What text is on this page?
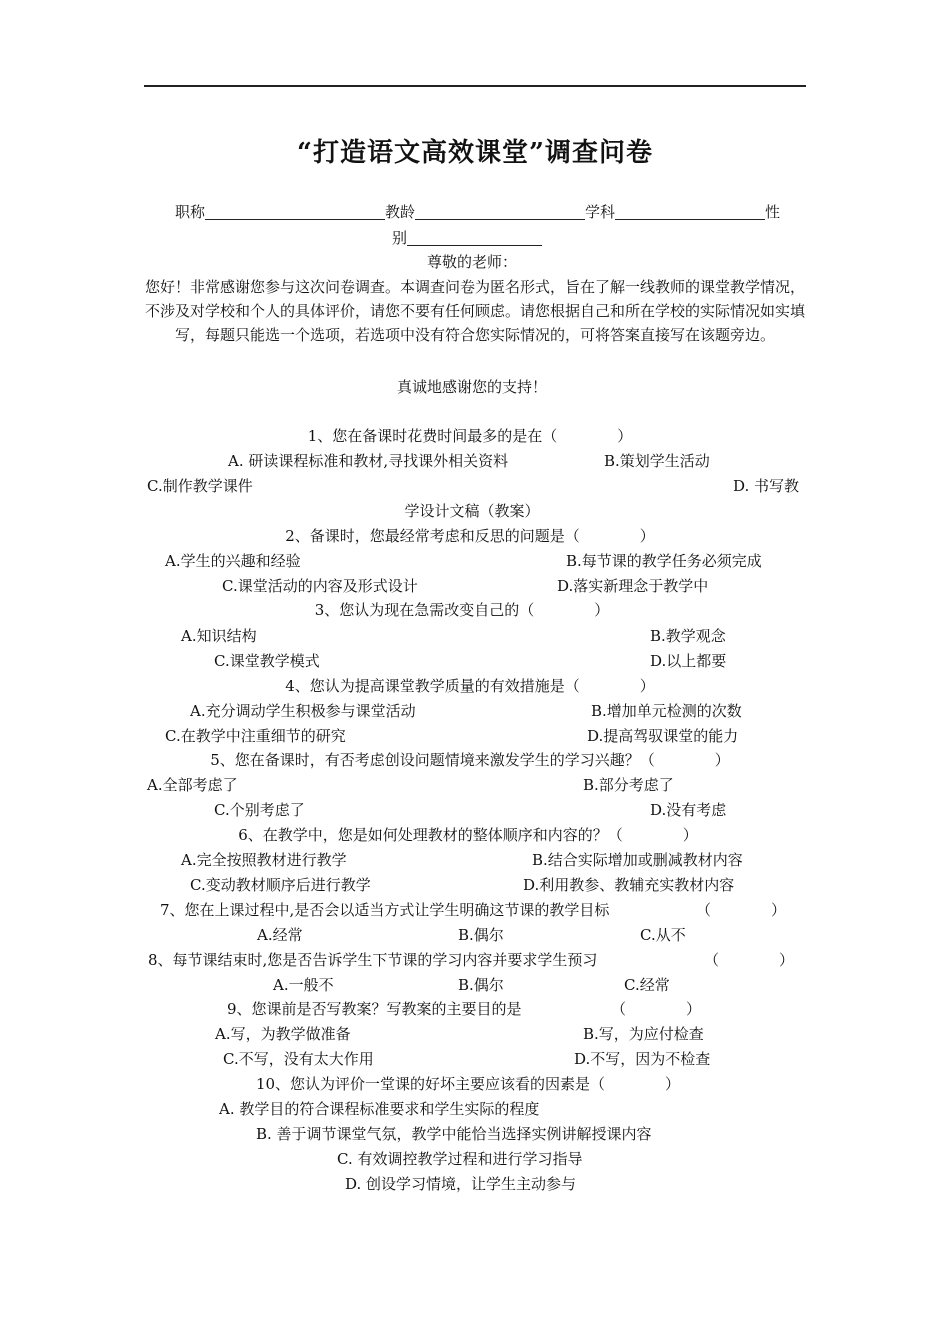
“打造语文高效课堂”调查问卷
职称	教龄	学科	性
别
尊敬的老师：
您好！非常感谢您参与这次问卷调查。本调查问卷为匿名形式，旨在了解一线教师的课堂教学情况，不涉及对学校和个人的具体评价，请您不要有任何顾虑。请您根据自己和所在学校的实际情况如实填写，每题只能选一个选项，若选项中没有符合您实际情况的，可将答案直接写在该题旁边。
真诚地感谢您的支持！
1、您在备课时花费时间最多的是在（　　　　）
A. 研读课程标准和教材,寻找课外相关资料	B.策划学生活动
C.制作教学课件	D. 书写教
学设计文稿（教案）
2、备课时，您最经常考虑和反思的问题是（　　　　）
A.学生的兴趣和经验	B.每节课的教学任务必须完成
C.课堂活动的内容及形式设计	D.落实新理念于教学中
3、您认为现在急需改变自己的（　　　　）
A.知识结构	B.教学观念
C.课堂教学模式	D.以上都要
4、您认为提高课堂教学质量的有效措施是（　　　　）
A.充分调动学生积极参与课堂活动	B.增加单元检测的次数
C.在教学中注重细节的研究	D.提高驾驭课堂的能力
5、您在备课时，有否考虑创设问题情境来激发学生的学习兴趣？（　　　　）
A.全部考虑了	B.部分考虑了
C.个别考虑了	D.没有考虑
6、在教学中，您是如何处理教材的整体顺序和内容的？（　　　　）
A.完全按照教材进行教学	B.结合实际增加或删减教材内容
C.变动教材顺序后进行教学	D.利用教参、教辅充实教材内容
7、您在上课过程中,是否会以适当方式让学生明确这节课的教学目标	（　　　　）
A.经常	B.偶尔	C.从不
8、每节课结束时,您是否告诉学生下节课的学习内容并要求学生预习	（　　　　）
A.一般不	B.偶尔	C.经常
9、您课前是否写教案？写教案的主要目的是	（　　　　）
A.写，为教学做准备	B.写，为应付检查
C.不写，没有太大作用	D.不写，因为不检查
10、您认为评价一堂课的好坏主要应该看的因素是（　　　　）
A. 教学目的符合课程标准要求和学生实际的程度
B. 善于调节课堂气氛，教学中能恰当选择实例讲解授课内容
C. 有效调控教学过程和进行学习指导
D. 创设学习情境，让学生主动参与
